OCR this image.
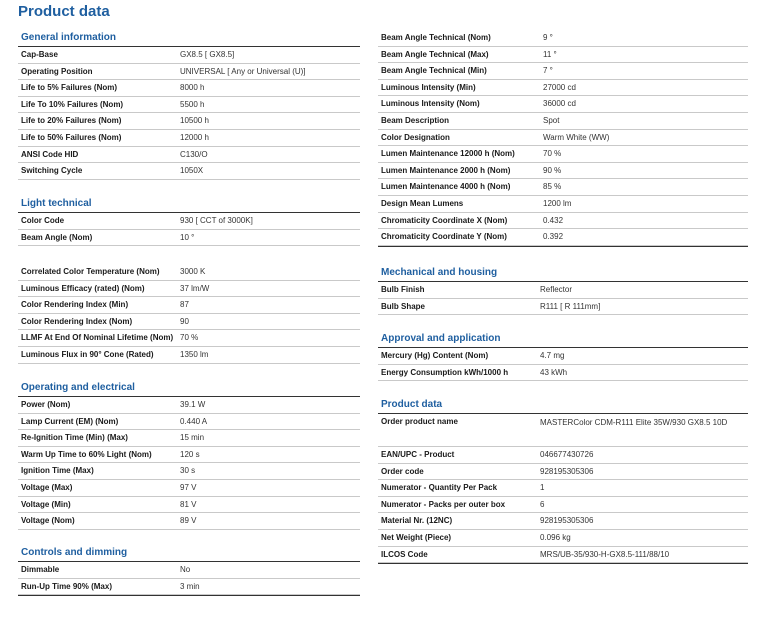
Product data
General information
Cap-Base	GX8.5 [ GX8.5]
Operating Position	UNIVERSAL [ Any or Universal (U)]
Life to 5% Failures (Nom)	8000 h
Life To 10% Failures (Nom)	5500 h
Life to 20% Failures (Nom)	10500 h
Life to 50% Failures (Nom)	12000 h
ANSI Code HID	C130/O
Switching Cycle	1050X
Light technical
Color Code	930 [ CCT of 3000K]
Beam Angle (Nom)	10 °
Correlated Color Temperature (Nom)	3000 K
Luminous Efficacy (rated) (Nom)	37 lm/W
Color Rendering Index (Min)	87
Color Rendering Index (Nom)	90
LLMF At End Of Nominal Lifetime (Nom) 70 %
Luminous Flux in 90° Cone (Rated)	1350 lm
Operating and electrical
Power (Nom)	39.1 W
Lamp Current (EM) (Nom)	0.440 A
Re-Ignition Time (Min) (Max)	15 min
Warm Up Time to 60% Light (Nom)	120 s
Ignition Time (Max)	30 s
Voltage (Max)	97 V
Voltage (Min)	81 V
Voltage (Nom)	89 V
Controls and dimming
Dimmable	No
Run-Up Time 90% (Max)	3 min
Beam Angle Technical (Nom)	9 °
Beam Angle Technical (Max)	11 °
Beam Angle Technical (Min)	7 °
Luminous Intensity (Min)	27000 cd
Luminous Intensity (Nom)	36000 cd
Beam Description	Spot
Color Designation	Warm White (WW)
Lumen Maintenance 12000 h (Nom)	70 %
Lumen Maintenance 2000 h (Nom)	90 %
Lumen Maintenance 4000 h (Nom)	85 %
Design Mean Lumens	1200 lm
Chromaticity Coordinate X (Nom)	0.432
Chromaticity Coordinate Y (Nom)	0.392
Mechanical and housing
Bulb Finish	Reflector
Bulb Shape	R111 [ R 111mm]
Approval and application
Mercury (Hg) Content (Nom)	4.7 mg
Energy Consumption kWh/1000 h	43 kWh
Product data
Order product name	MASTERColor CDM-R111 Elite 35W/930 GX8.5 10D
EAN/UPC - Product	046677430726
Order code	928195305306
Numerator - Quantity Per Pack	1
Numerator - Packs per outer box	6
Material Nr. (12NC)	928195305306
Net Weight (Piece)	0.096 kg
ILCOS Code	MRS/UB-35/930-H-GX8.5-111/88/10
